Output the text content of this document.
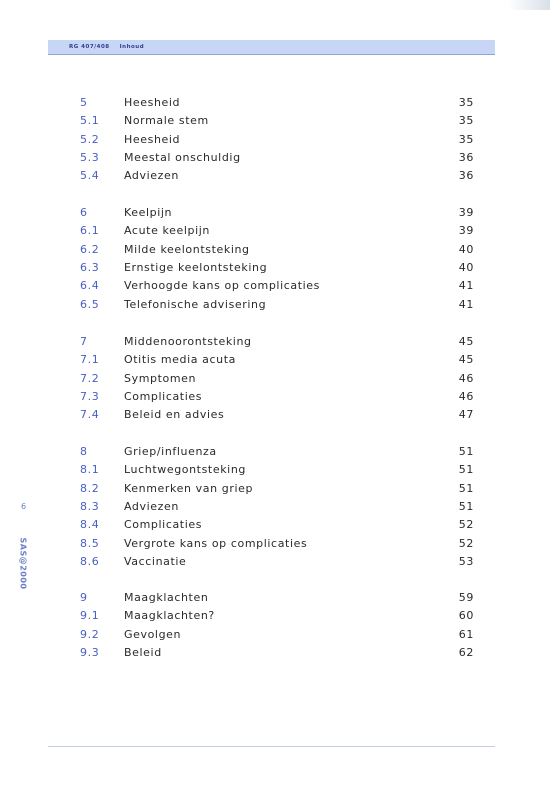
RG 407/408 Inhoud
6
SAS@2000
5	Heesheid	35
5.1 Normale stem	35
5.2 Heesheid	35
5.3 Meestal onschuldig	36
5.4 Adviezen	36
6	Keelpijn	39
6.1 Acute keelpijn	39
6.2 Milde keelontsteking	40
6.3 Ernstige keelontsteking	40
6.4 Verhoogde kans op complicaties	41
6.5 Telefonische advisering	41
7	Middenoorontsteking	45
7.1 Otitis media acuta	45
7.2 Symptomen	46
7.3 Complicaties	46
7.4 Beleid en advies	47
8	Griep/influenza	51
8.1 Luchtwegontsteking	51
8.2 Kenmerken van griep	51
8.3 Adviezen	51
8.4 Complicaties	52
8.5 Vergrote kans op complicaties	52
8.6 Vaccinatie	53
9	Maagklachten	59
9.1 Maagklachten?	60
9.2 Gevolgen	61
9.3 Beleid	62
